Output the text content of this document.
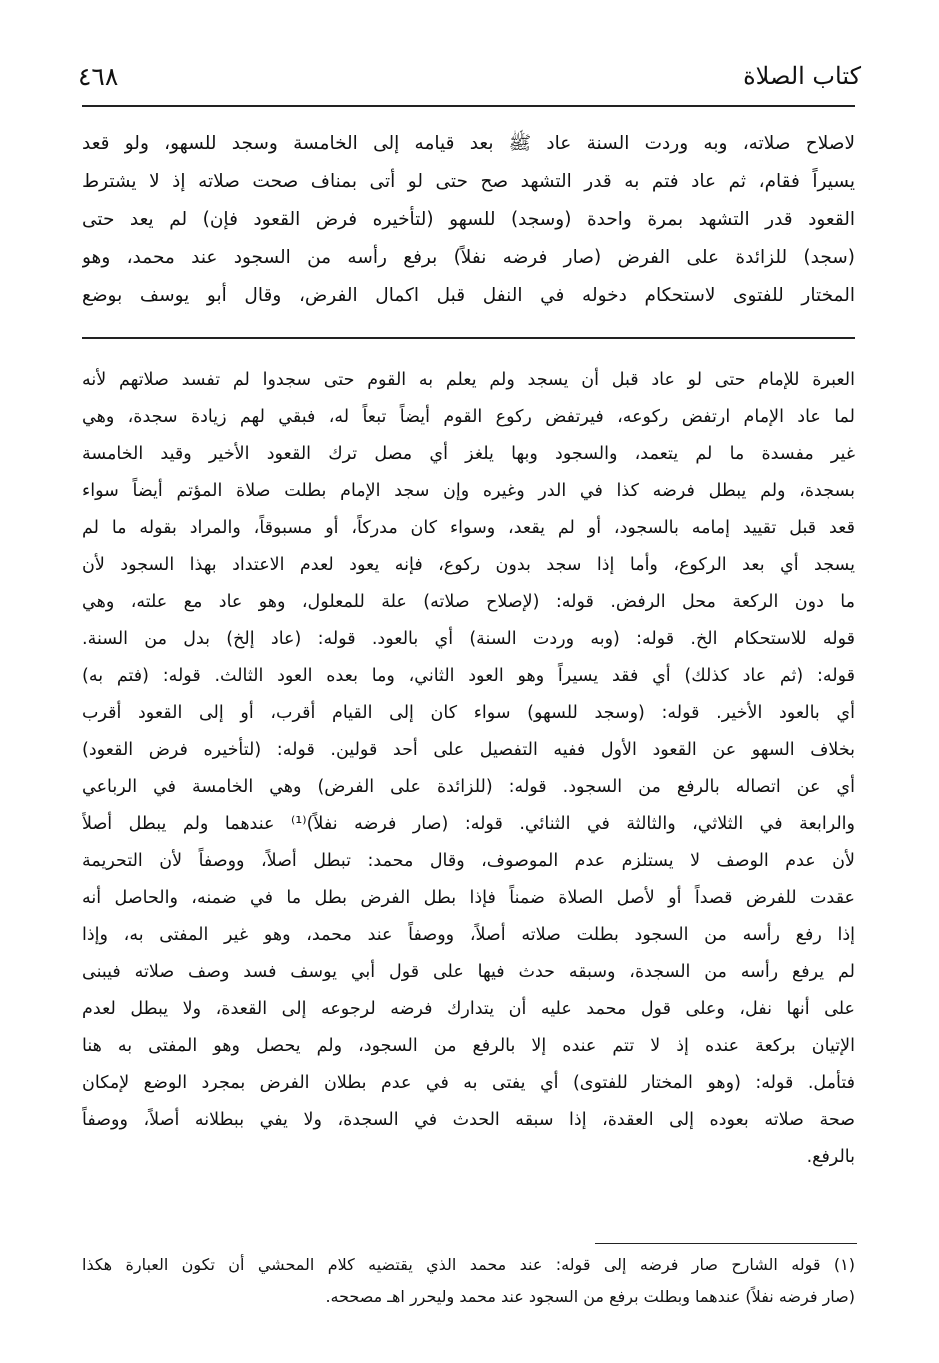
٤٦٨	كتاب الصلاة
لاصلاح صلاته، وبه وردت السنة عاد ﷺ بعد قيامه إلى الخامسة وسجد للسهو، ولو قعد
يسيراً فقام، ثم عاد فتم به قدر التشهد صح حتى لو أتى بمناف صحت صلاته إذ لا يشترط
القعود قدر التشهد بمرة واحدة (وسجد) للسهو (لتأخيره فرض القعود فإن) لم يعد حتى
(سجد) للزائدة على الفرض (صار فرضه نفلاً) برفع رأسه من السجود عند محمد، وهو
المختار للفتوى لاستحكام دخوله في النفل قبل اكمال الفرض، وقال أبو يوسف بوضع
العبرة للإمام حتى لو عاد قبل أن يسجد ولم يعلم به القوم حتى سجدوا لم تفسد صلاتهم لأنه
لما عاد الإمام ارتفض ركوعه، فيرتفض ركوع القوم أيضاً تبعاً له، فبقي لهم زيادة سجدة، وهي
غير مفسدة ما لم يتعمد، والسجود وبها يلغز أي مصل ترك القعود الأخير وقيد الخامسة
بسجدة، ولم يبطل فرضه كذا في الدر وغيره وإن سجد الإمام بطلت صلاة المؤتم أيضاً سواء
قعد قبل تقييد إمامه بالسجود، أو لم يقعد، وسواء كان مدركاً، أو مسبوقاً، والمراد بقوله ما لم
يسجد أي بعد الركوع، وأما إذا سجد بدون ركوع، فإنه يعود لعدم الاعتداد بهذا السجود لأن
ما دون الركعة محل الرفض. قوله: (لإصلاح صلاته) علة للمعلول، وهو عاد مع علته، وهي
قوله للاستحكام الخ. قوله: (وبه وردت السنة) أي بالعود. قوله: (عاد إلخ) بدل من السنة.
قوله: (ثم عاد كذلك) أي فقد يسيراً وهو العود الثاني، وما بعده العود الثالث. قوله: (فتم به)
أي بالعود الأخير. قوله: (وسجد للسهو) سواء كان إلى القيام أقرب، أو إلى القعود أقرب
بخلاف السهو عن القعود الأول ففيه التفصيل على أحد قولين. قوله: (لتأخيره فرض القعود)
أي عن اتصاله بالرفع من السجود. قوله: (للزائدة على الفرض) وهي الخامسة في الرباعي
والرابعة في الثلاثي، والثالثة في الثنائي. قوله: (صار فرضه نفلاً)⁽¹⁾ عندهما ولم يبطل أصلاً
لأن عدم الوصف لا يستلزم عدم الموصوف، وقال محمد: تبطل أصلاً، ووصفاً لأن التحريمة
عقدت للفرض قصداً أو لأصل الصلاة ضمناً فإذا بطل الفرض بطل ما في ضمنه، والحاصل أنه
إذا رفع رأسه من السجود بطلت صلاته أصلاً، ووصفاً عند محمد، وهو غير المفتى به، وإذا
لم يرفع رأسه من السجدة، وسبقه حدث فيها على قول أبي يوسف فسد وصف صلاته فيبنى
على أنها نفل، وعلى قول محمد عليه أن يتدارك فرضه لرجوعه إلى القعدة، ولا يبطل لعدم
الإتيان بركعة عنده إذ لا تتم عنده إلا بالرفع من السجود، ولم يحصل وهو المفتى به هنا
فتأمل. قوله: (وهو المختار للفتوى) أي يفتى به في عدم بطلان الفرض بمجرد الوضع لإمكان
صحة صلاته بعوده إلى العقدة، إذا سبقه الحدث في السجدة، ولا يفي ببطلانه أصلاً، ووصفاً
بالرفع.
(١) قوله الشارح صار فرضه إلى قوله: عند محمد الذي يقتضيه كلام المحشي أن تكون العبارة هكذا
(صار فرضه نفلاً) عندهما وبطلت برفع من السجود عند محمد وليحرر اهـ مصححه.
